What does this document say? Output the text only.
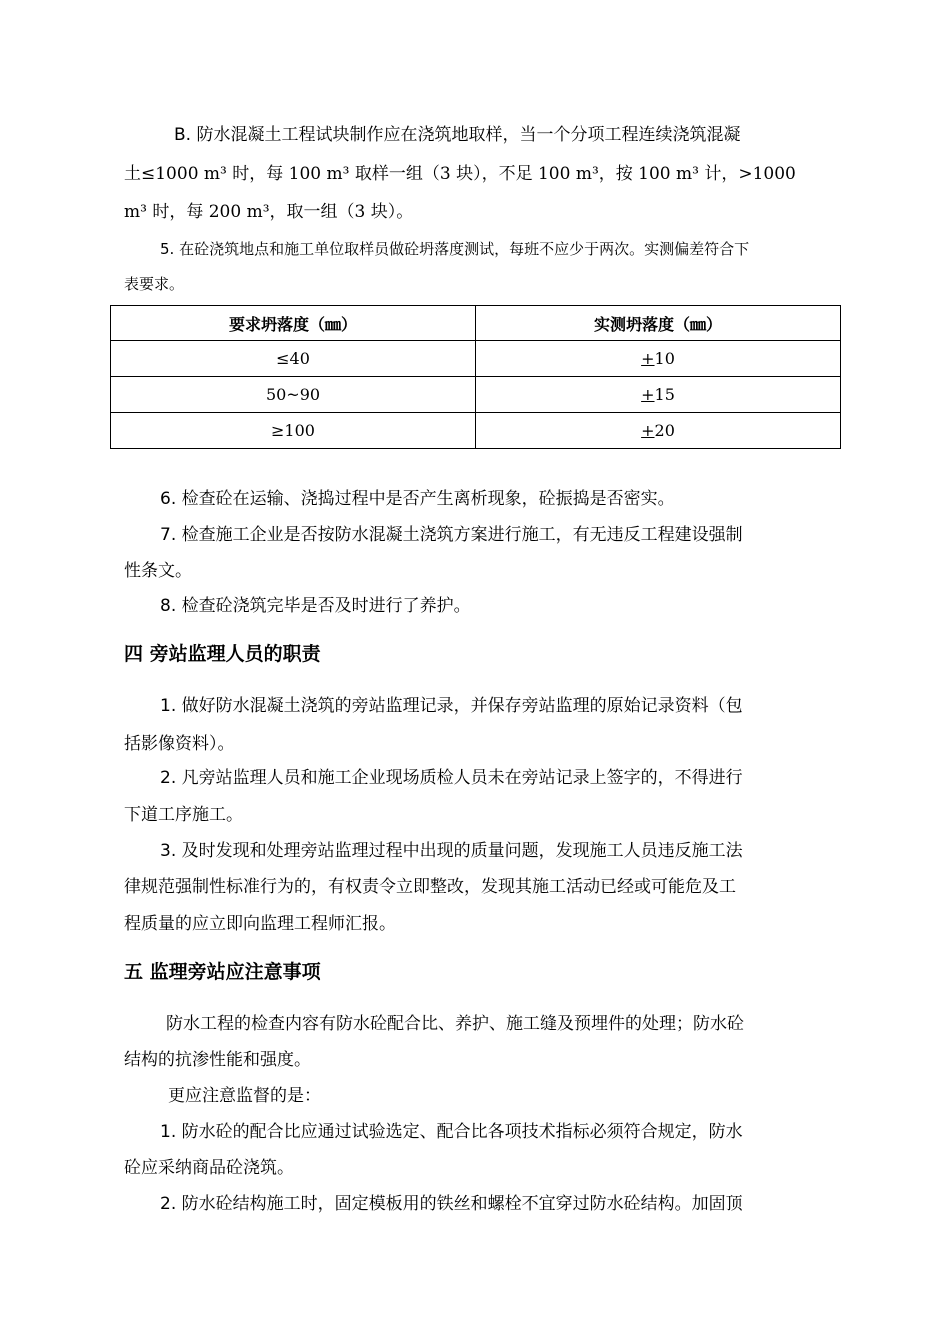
B. 防水混凝土工程试块制作应在浇筑地取样，当一个分项工程连续浇筑混凝
土≤1000 m³ 时，每 100 m³ 取样一组（3 块），不足 100 m³，按 100 m³ 计，>1000
m³ 时，每 200 m³，取一组（3 块）。
5. 在砼浇筑地点和施工单位取样员做砼坍落度测试，每班不应少于两次。实测偏差符合下
表要求。
要求坍落度（㎜）	实测坍落度（㎜）
≤40	+10
50~90	+15
≥100	+20
6. 检查砼在运输、浇捣过程中是否产生离析现象，砼振捣是否密实。
7. 检查施工企业是否按防水混凝土浇筑方案进行施工，有无违反工程建设强制
性条文。
8. 检查砼浇筑完毕是否及时进行了养护。
四 旁站监理人员的职责
1. 做好防水混凝土浇筑的旁站监理记录，并保存旁站监理的原始记录资料（包
括影像资料）。
2. 凡旁站监理人员和施工企业现场质检人员未在旁站记录上签字的，不得进行
下道工序施工。
3. 及时发现和处理旁站监理过程中出现的质量问题，发现施工人员违反施工法
律规范强制性标准行为的，有权责令立即整改，发现其施工活动已经或可能危及工
程质量的应立即向监理工程师汇报。
五 监理旁站应注意事项
防水工程的检查内容有防水砼配合比、养护、施工缝及预埋件的处理；防水砼
结构的抗渗性能和强度。
更应注意监督的是：
1. 防水砼的配合比应通过试验选定、配合比各项技术指标必须符合规定，防水
砼应采纳商品砼浇筑。
2. 防水砼结构施工时，固定模板用的铁丝和螺栓不宜穿过防水砼结构。加固顶
